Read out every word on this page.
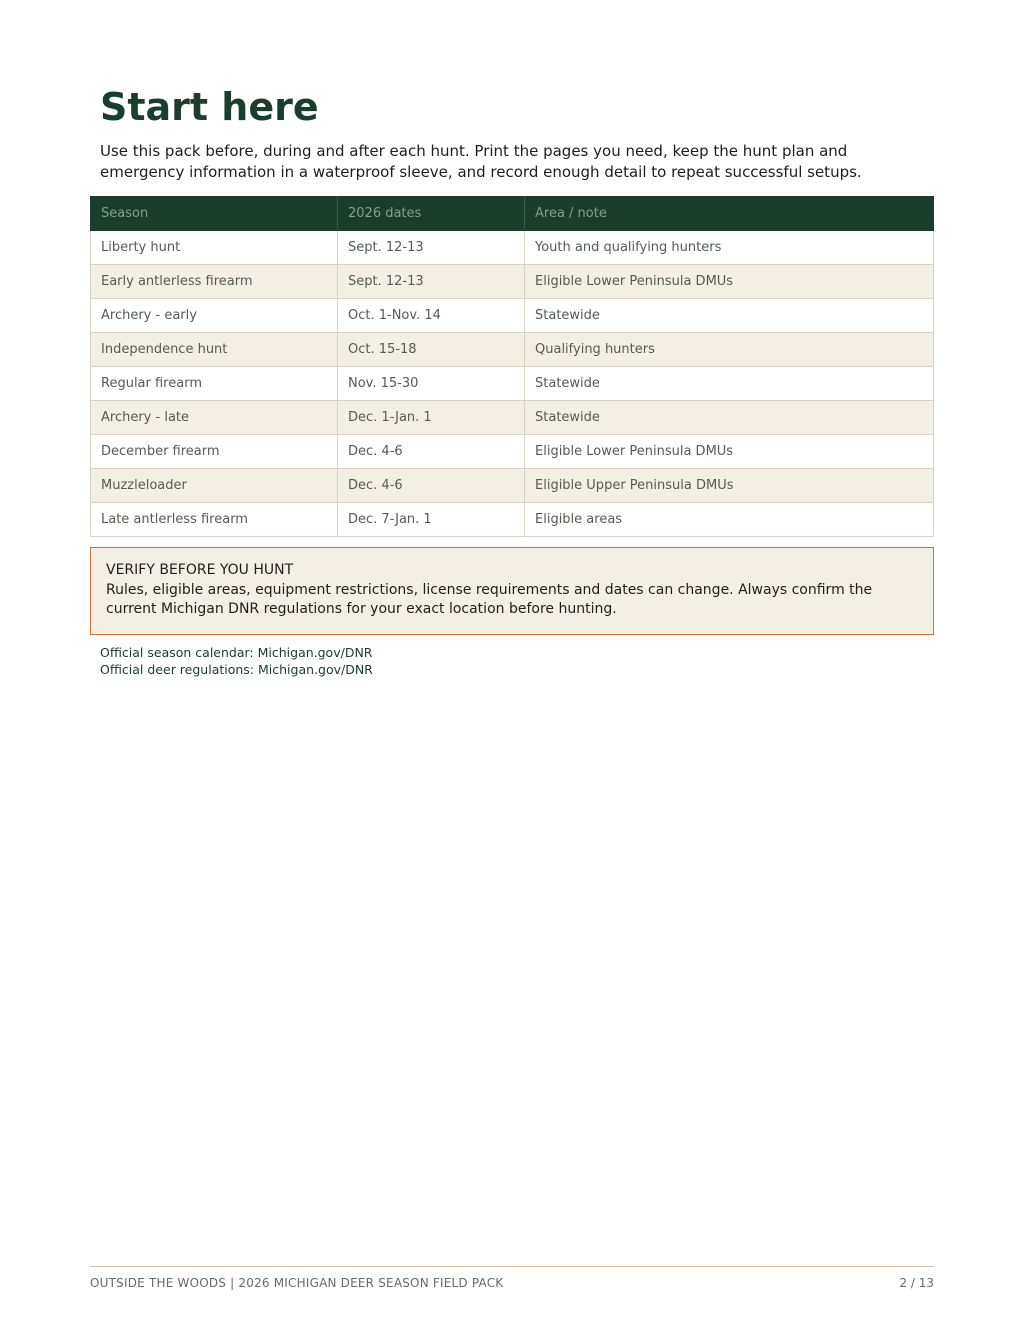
Start here

Use this pack before, during and after each hunt. Print the pages you need, keep the hunt plan and emergency information in a waterproof sleeve, and record enough detail to repeat successful setups.

Season	2026 dates	Area / note
Liberty hunt	Sept. 12-13	Youth and qualifying hunters
Early antlerless firearm	Sept. 12-13	Eligible Lower Peninsula DMUs
Archery - early	Oct. 1-Nov. 14	Statewide
Independence hunt	Oct. 15-18	Qualifying hunters
Regular firearm	Nov. 15-30	Statewide
Archery - late	Dec. 1-Jan. 1	Statewide
December firearm	Dec. 4-6	Eligible Lower Peninsula DMUs
Muzzleloader	Dec. 4-6	Eligible Upper Peninsula DMUs
Late antlerless firearm	Dec. 7-Jan. 1	Eligible areas
VERIFY BEFORE YOU HUNT
Rules, eligible areas, equipment restrictions, license requirements and dates can change. Always confirm the current Michigan DNR regulations for your exact location before hunting.
Official season calendar: Michigan.gov/DNR
Official deer regulations: Michigan.gov/DNR
OUTSIDE THE WOODS | 2026 MICHIGAN DEER SEASON FIELD PACK	2 / 13
